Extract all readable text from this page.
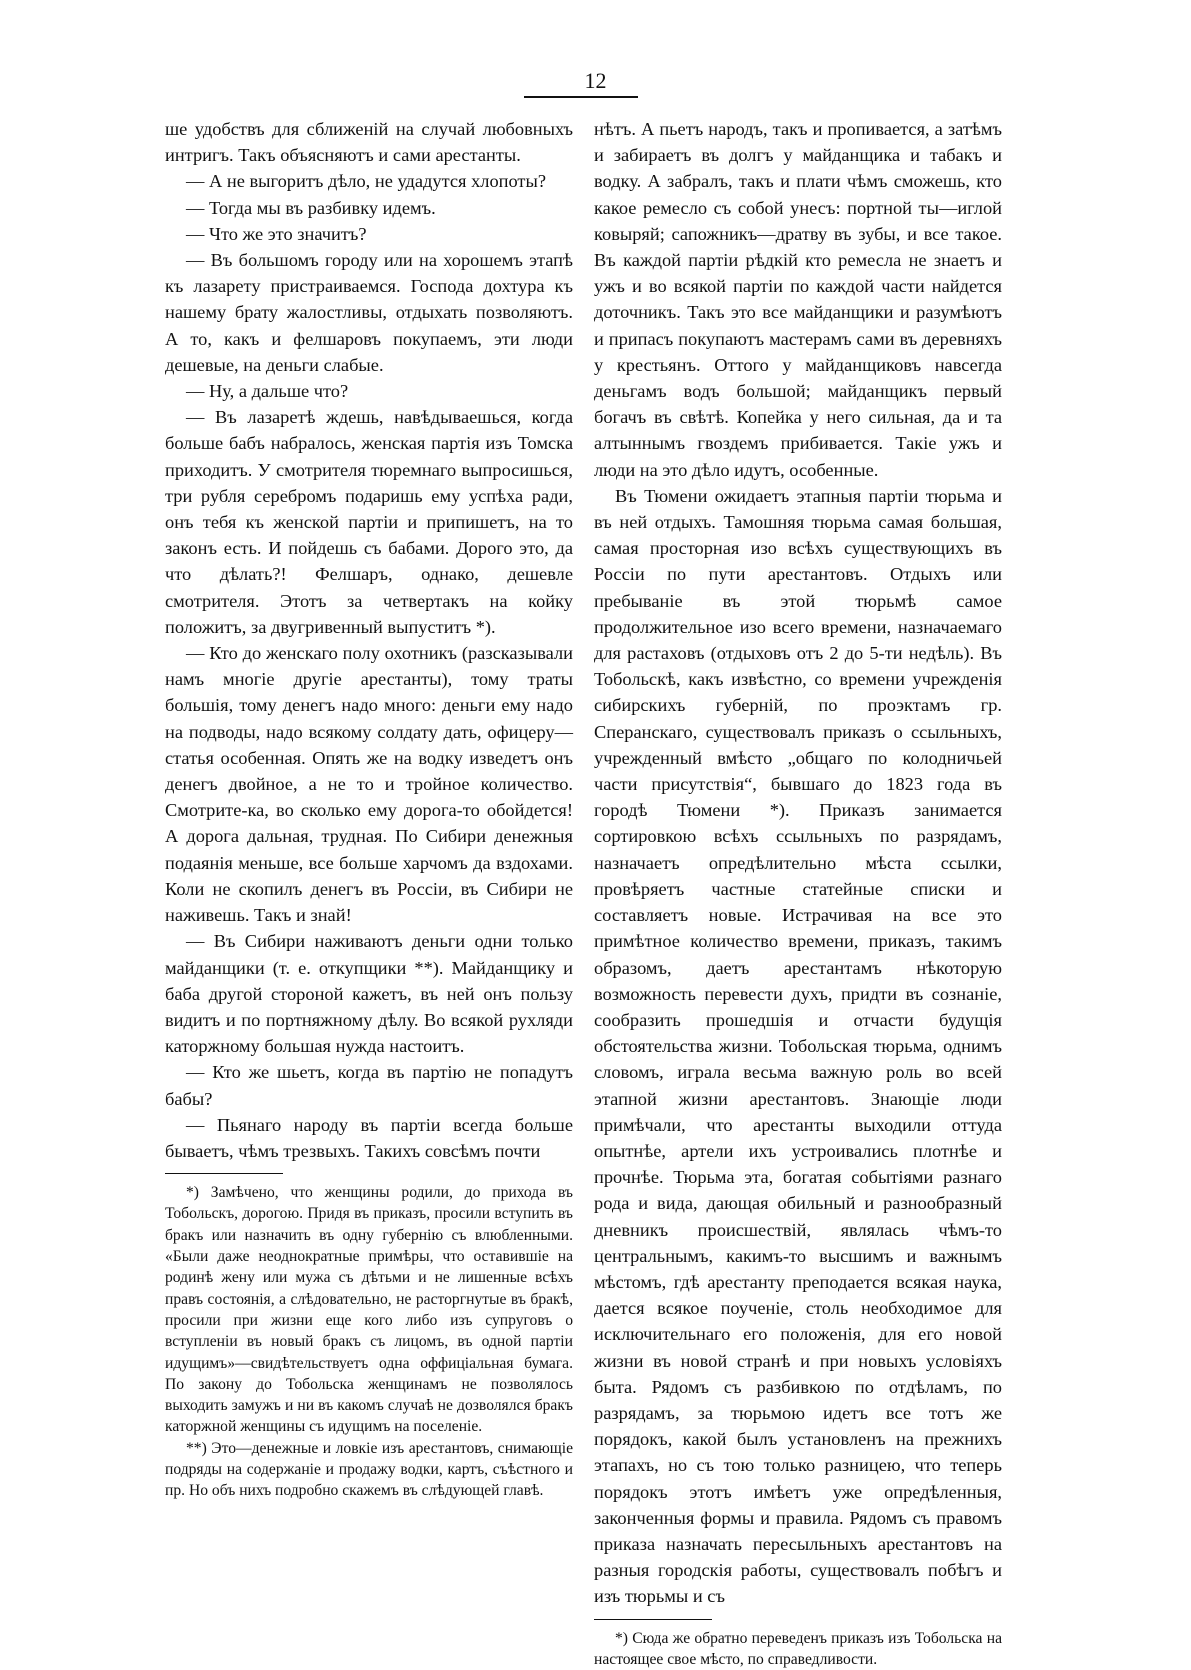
12

ше удобствъ для сближеній на случай любовныхъ интригъ. Такъ объясняютъ и сами арестанты.

— А не выгоритъ дѣло, не удадутся хлопоты?

— Тогда мы въ разбивку идемъ.

— Что же это значитъ?

— Въ большомъ городу или на хорошемъ этапѣ къ лазарету пристраиваемся. Господа дохтура къ нашему брату жалостливы, отдыхать позволяютъ. А то, какъ и фелшаровъ покупаемъ, эти люди дешевые, на деньги слабые.

— Ну, а дальше что?

— Въ лазаретѣ ждешь, навѣдываешься, когда больше бабъ набралось, женская партія изъ Томска приходитъ. У смотрителя тюремнаго выпросишься, три рубля серебромъ подаришь ему успѣха ради, онъ тебя къ женской партіи и припишетъ, на то законъ есть. И пойдешь съ бабами. Дорого это, да что дѣлать?! Фелшаръ, однако, дешевле смотрителя. Этотъ за четвертакъ на койку положитъ, за двугривенный выпуститъ *).

— Кто до женскаго полу охотникъ (разсказывали намъ многіе другіе арестанты), тому траты большія, тому денегъ надо много: деньги ему надо на подводы, надо всякому солдату дать, офицеру—статья особенная. Опять же на водку изведетъ онъ денегъ двойное, а не то и тройное количество. Смотрите-ка, во сколько ему дорога-то обойдется! А дорога дальная, трудная. По Сибири денежныя подаянія меньше, все больше харчомъ да вздохами. Коли не скопилъ денегъ въ Россіи, въ Сибири не наживешь. Такъ и знай!

— Въ Сибири наживаютъ деньги одни только майданщики (т. е. откупщики **). Майданщику и баба другой стороной кажетъ, въ ней онъ пользу видитъ и по портняжному дѣлу. Во всякой рухляди каторжному большая нужда настоитъ.

— Кто же шьетъ, когда въ партію не попадутъ бабы?

— Пьянаго народу въ партіи всегда больше бываетъ, чѣмъ трезвыхъ. Такихъ совсѣмъ почти

*) Замѣчено, что женщины родили, до прихода въ Тобольскъ, дорогою. Придя въ приказъ, просили вступить въ бракъ или назначить въ одну губернію съ влюбленными. «Были даже неоднократные примѣры, что оставившіе на родинѣ жену или мужа съ дѣтьми и не лишенные всѣхъ правъ состоянія, а слѣдовательно, не расторгнутые въ бракѣ, просили при жизни еще кого либо изъ супруговъ о вступленіи въ новый бракъ съ лицомъ, въ одной партіи идущимъ»—свидѣтельствуетъ одна оффиціальная бумага. По закону до Тобольска женщинамъ не позволялось выходить замужъ и ни въ какомъ случаѣ не дозволялся бракъ каторжной женщины съ идущимъ на поселеніе.

**) Это—денежные и ловкіе изъ арестантовъ, снимающіе подряды на содержаніе и продажу водки, картъ, съѣстного и пр. Но объ нихъ подробно скажемъ въ слѣдующей главѣ.

нѣтъ. А пьетъ народъ, такъ и пропивается, а затѣмъ и забираетъ въ долгъ у майданщика и табакъ и водку. А забралъ, такъ и плати чѣмъ сможешь, кто какое ремесло съ собой унесъ: портной ты—иглой ковыряй; сапожникъ—дратву въ зубы, и все такое. Въ каждой партіи рѣдкій кто ремесла не знаетъ и ужъ и во всякой партіи по каждой части найдется доточникъ. Такъ это все майданщики и разумѣютъ и припасъ покупаютъ мастерамъ сами въ деревняхъ у крестьянъ. Оттого у майданщиковъ навсегда деньгамъ водъ большой; майданщикъ первый богачъ въ свѣтѣ. Копейка у него сильная, да и та алтыннымъ гвоздемъ прибивается. Такіе ужъ и люди на это дѣло идутъ, особенные.

Въ Тюмени ожидаетъ этапныя партіи тюрьма и въ ней отдыхъ. Тамошняя тюрьма самая большая, самая просторная изо всѣхъ существующихъ въ Россіи по пути арестантовъ. Отдыхъ или пребываніе въ этой тюрьмѣ самое продолжительное изо всего времени, назначаемаго для растаховъ (отдыховъ отъ 2 до 5-ти недѣль). Въ Тобольскѣ, какъ извѣстно, со времени учрежденія сибирскихъ губерній, по проэктамъ гр. Сперанскаго, существовалъ приказъ о ссыльныхъ, учрежденный вмѣсто „общаго по колодничьей части присутствія“, бывшаго до 1823 года въ городѣ Тюмени *). Приказъ занимается сортировкою всѣхъ ссыльныхъ по разрядамъ, назначаетъ опредѣлительно мѣста ссылки, провѣряетъ частные статейные списки и составляетъ новые. Истрачивая на все это примѣтное количество времени, приказъ, такимъ образомъ, даетъ арестантамъ нѣкоторую возможность перевести духъ, придти въ сознаніе, сообразить прошедшія и отчасти будущія обстоятельства жизни. Тобольская тюрьма, однимъ словомъ, играла весьма важную роль во всей этапной жизни арестантовъ. Знающіе люди примѣчали, что арестанты выходили оттуда опытнѣе, артели ихъ устроивались плотнѣе и прочнѣе. Тюрьма эта, богатая событіями разнаго рода и вида, дающая обильный и разнообразный дневникъ происшествій, являлась чѣмъ-то центральнымъ, какимъ-то высшимъ и важнымъ мѣстомъ, гдѣ арестанту преподается всякая наука, дается всякое поученіе, столь необходимое для исключительнаго его положенія, для его новой жизни въ новой странѣ и при новыхъ условіяхъ быта. Рядомъ съ разбивкою по отдѣламъ, по разрядамъ, за тюрьмою идетъ все тотъ же порядокъ, какой былъ установленъ на прежнихъ этапахъ, но съ тою только разницею, что теперь порядокъ этотъ имѣетъ уже опредѣленныя, законченныя формы и правила. Рядомъ съ правомъ приказа назначать пересыльныхъ арестантовъ на разныя городскія работы, существовалъ побѣгъ и изъ тюрьмы и съ

*) Сюда же обратно переведенъ приказъ изъ Тобольска на настоящее свое мѣсто, по справедливости.
